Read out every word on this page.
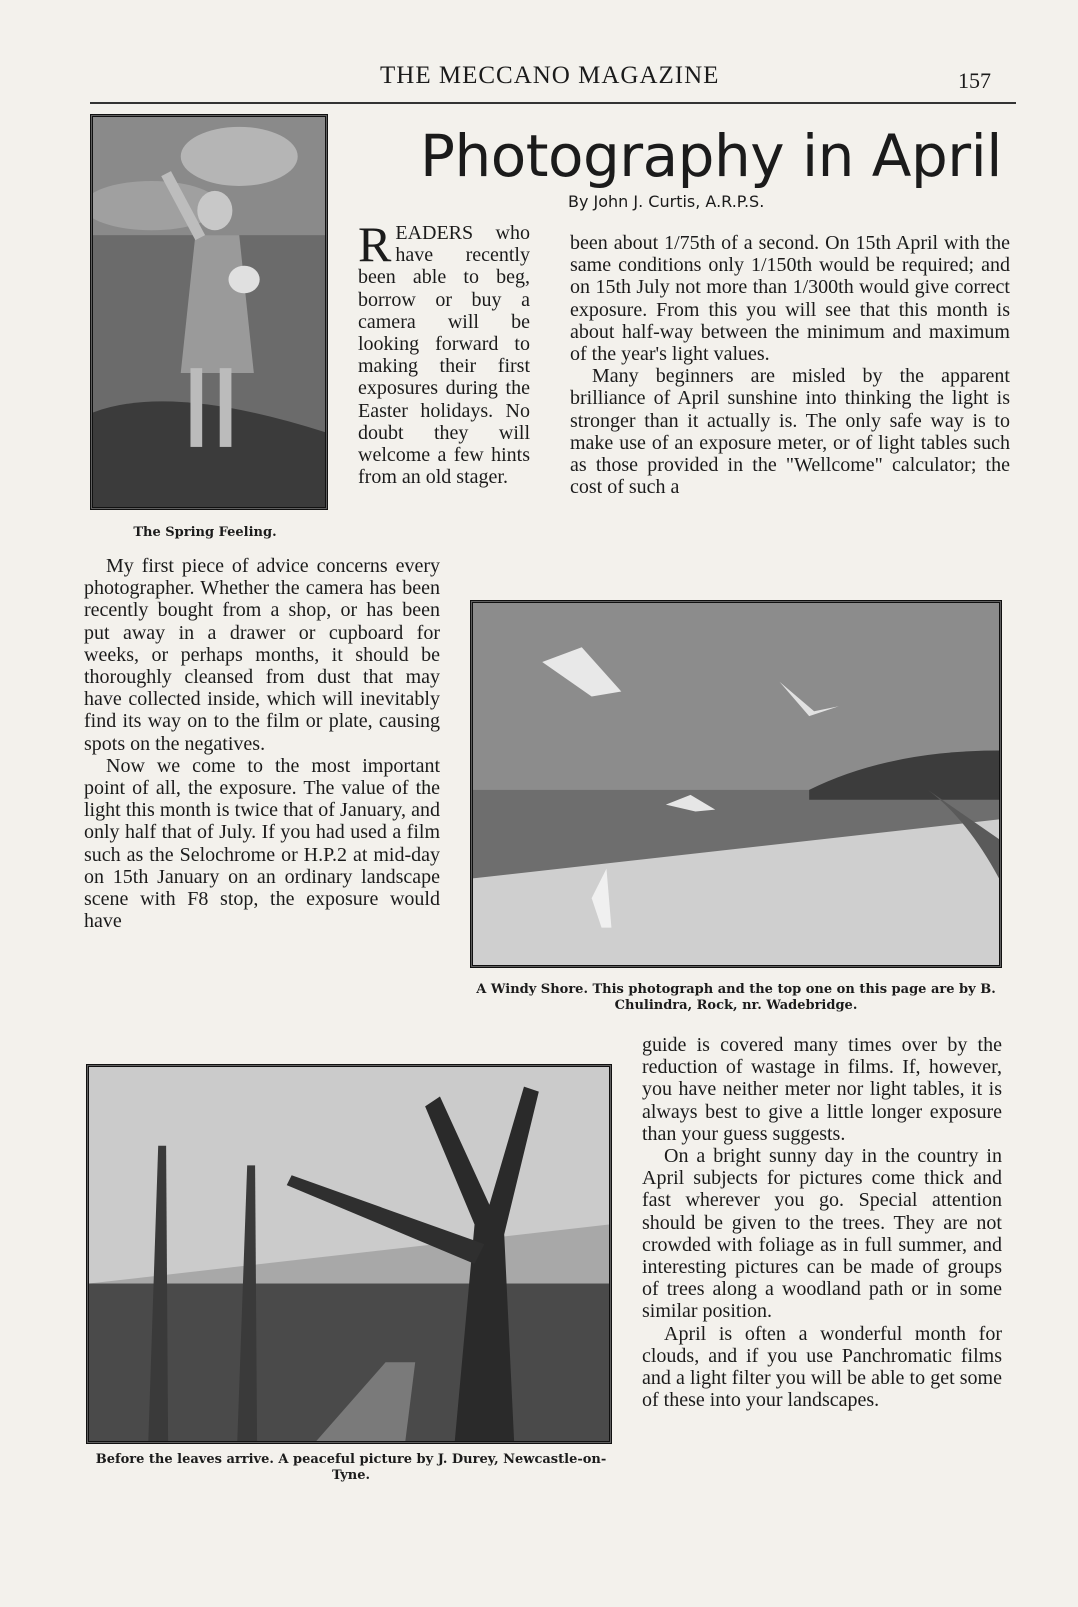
THE MECCANO MAGAZINE	157
The Spring Feeling.
Photography in April
By John J. Curtis, A.R.P.S.

READERS who have recently been able to beg, borrow or buy a camera will be looking forward to making their first exposures during the Easter holidays. No doubt they will welcome a few hints from an old stager.

My first piece of advice concerns every photographer. Whether the camera has been recently bought from a shop, or has been put away in a drawer or cupboard for weeks, or perhaps months, it should be thoroughly cleansed from dust that may have collected inside, which will inevitably find its way on to the film or plate, causing spots on the negatives.

Now we come to the most important point of all, the exposure. The value of the light this month is twice that of January, and only half that of July. If you had used a film such as the Selochrome or H.P.2 at mid-day on 15th January on an ordinary landscape scene with F8 stop, the exposure would have

been about 1/75th of a second. On 15th April with the same conditions only 1/150th would be required; and on 15th July not more than 1/300th would give correct exposure. From this you will see that this month is about half-way between the minimum and maximum of the year's light values.

Many beginners are misled by the apparent brilliance of April sunshine into thinking the light is stronger than it actually is. The only safe way is to make use of an exposure meter, or of light tables such as those provided in the "Wellcome" calculator; the cost of such a

A Windy Shore. This photograph and the top one on this page are by B. Chulindra, Rock, nr. Wadebridge.
Before the leaves arrive. A peaceful picture by J. Durey, Newcastle-on-Tyne.

guide is covered many times over by the reduction of wastage in films. If, however, you have neither meter nor light tables, it is always best to give a little longer exposure than your guess suggests.

On a bright sunny day in the country in April subjects for pictures come thick and fast wherever you go. Special attention should be given to the trees. They are not crowded with foliage as in full summer, and interesting pictures can be made of groups of trees along a woodland path or in some similar position.

April is often a wonderful month for clouds, and if you use Panchromatic films and a light filter you will be able to get some of these into your landscapes.
